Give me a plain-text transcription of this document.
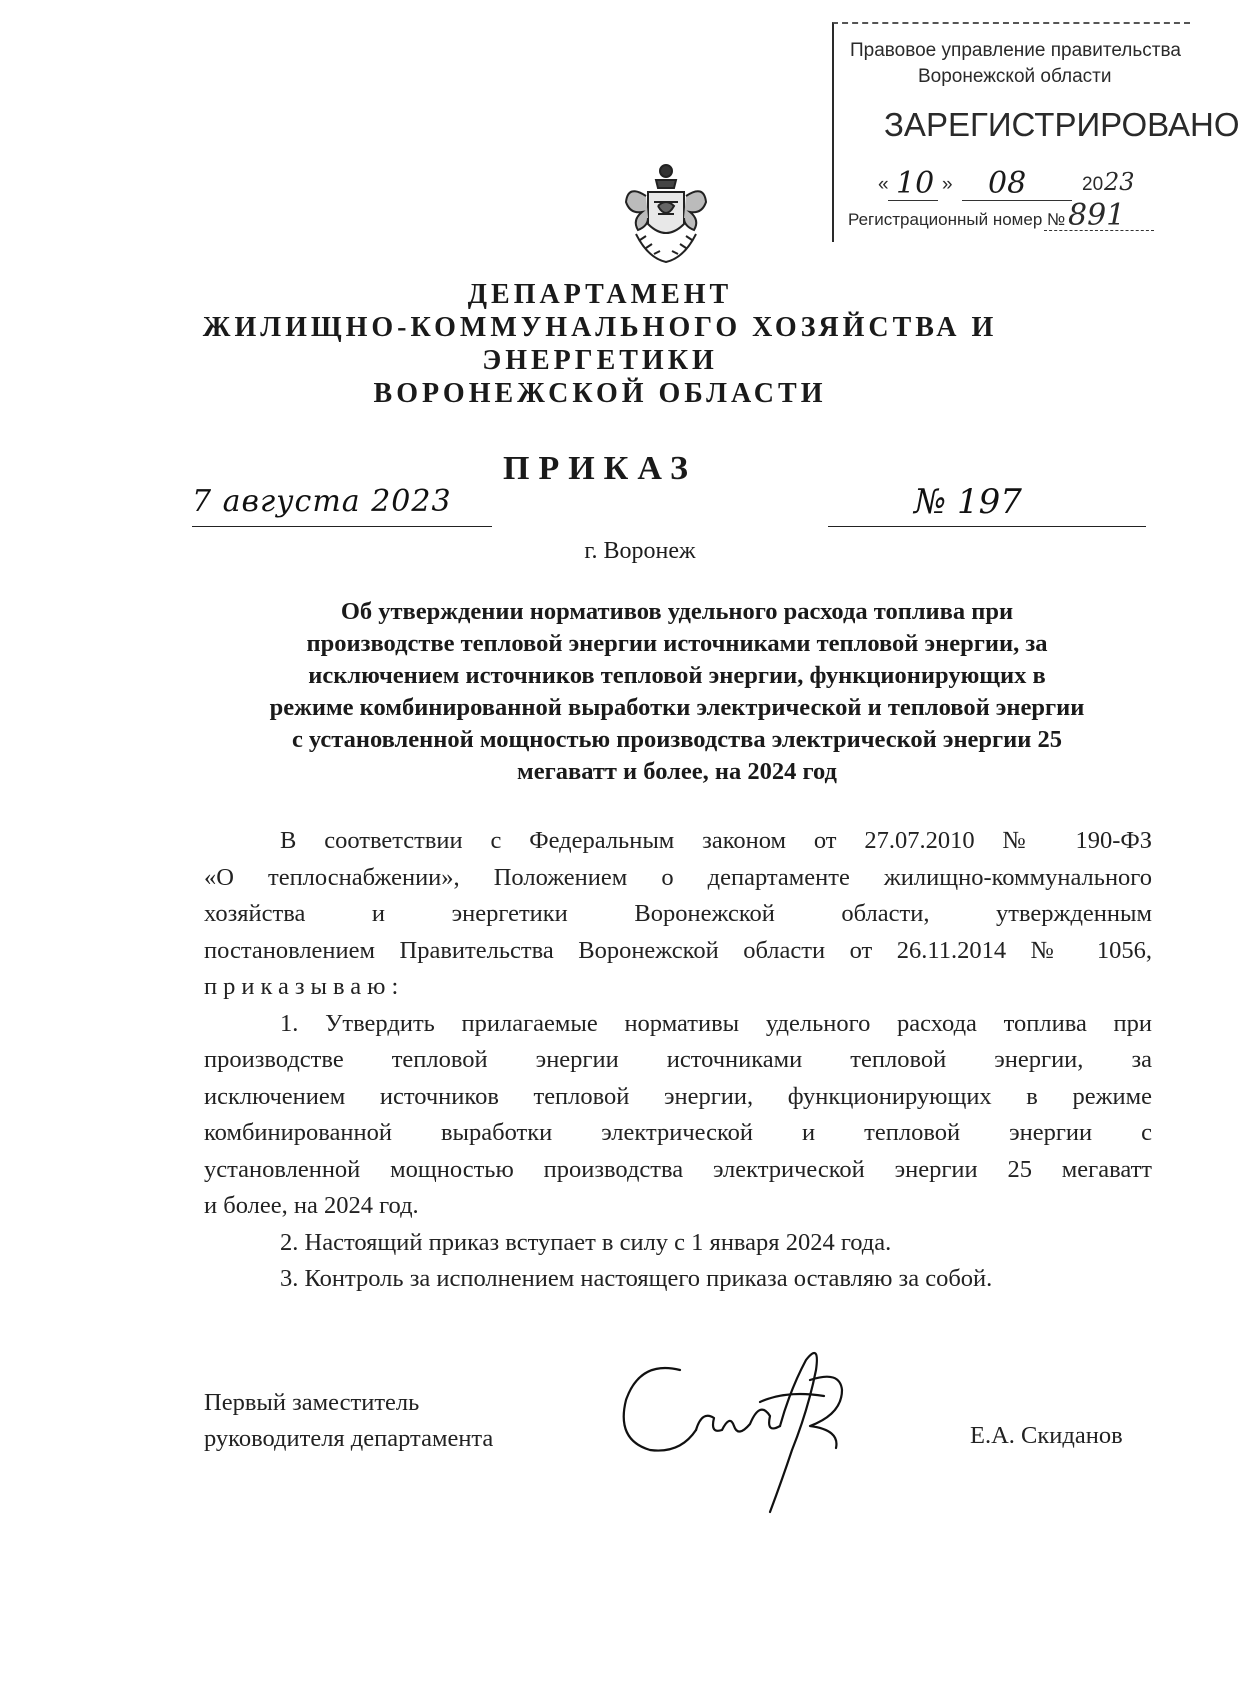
Правовое управление правительства
Воронежской области
ЗАРЕГИСТРИРОВАНО
« 10 » 08	20 23
Регистрационный номер № 891
ДЕПАРТАМЕНТ
ЖИЛИЩНО-КОММУНАЛЬНОГО ХОЗЯЙСТВА И
ЭНЕРГЕТИКИ
ВОРОНЕЖСКОЙ ОБЛАСТИ
ПРИКАЗ
7 августа 2023	№ 197
г. Воронеж
Об утверждении нормативов удельного расхода топлива при
производстве тепловой энергии источниками тепловой энергии, за
исключением источников тепловой энергии, функционирующих в
режиме комбинированной выработки электрической и тепловой энергии
с установленной мощностью производства электрической энергии 25
мегаватт и более, на 2024 год
В соответствии с Федеральным законом от 27.07.2010 № 190-ФЗ
«О теплоснабжении», Положением о департаменте жилищно-коммунального
хозяйства и энергетики Воронежской области, утвержденным
постановлением Правительства Воронежской области от 26.11.2014 № 1056,
приказываю:
1. Утвердить прилагаемые нормативы удельного расхода топлива при
производстве тепловой энергии источниками тепловой энергии, за
исключением источников тепловой энергии, функционирующих в режиме
комбинированной выработки электрической и тепловой энергии с
установленной мощностью производства электрической энергии 25 мегаватт
и более, на 2024 год.
2. Настоящий приказ вступает в силу с 1 января 2024 года.
3. Контроль за исполнением настоящего приказа оставляю за собой.
Первый заместитель
руководителя департамента	Е.А. Скиданов
